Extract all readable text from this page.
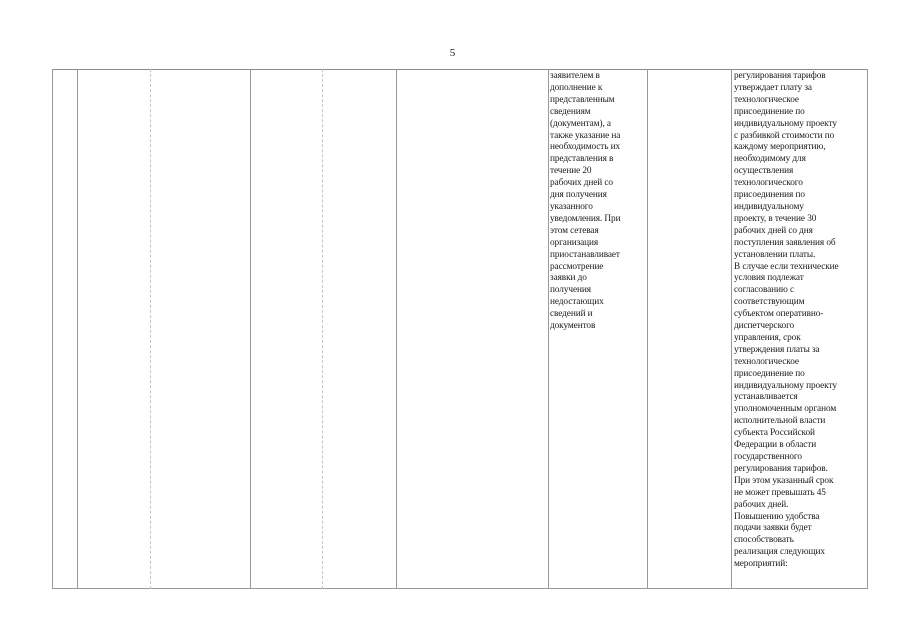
5
заявителем в
дополнение к
представленным
сведениям
(документам), а
также указание на
необходимость их
представления в
течение 20
рабочих дней со
дня получения
указанного
уведомления. При
этом сетевая
организация
приостанавливает
рассмотрение
заявки до
получения
недостающих
сведений и
документов
регулирования тарифов
утверждает плату за
технологическое
присоединение по
индивидуальному проекту
с разбивкой стоимости по
каждому мероприятию,
необходимому для
осуществления
технологического
присоединения по
индивидуальному
проекту, в течение 30
рабочих дней со дня
поступления заявления об
установлении платы.
В случае если технические
условия подлежат
согласованию с
соответствующим
субъектом оперативно-
диспетчерского
управления, срок
утверждения платы за
технологическое
присоединение по
индивидуальному проекту
устанавливается
уполномоченным органом
исполнительной власти
субъекта Российской
Федерации в области
государственного
регулирования тарифов.
При этом указанный срок
не может превышать 45
рабочих дней.
Повышению удобства
подачи заявки будет
способствовать
реализация следующих
мероприятий:
